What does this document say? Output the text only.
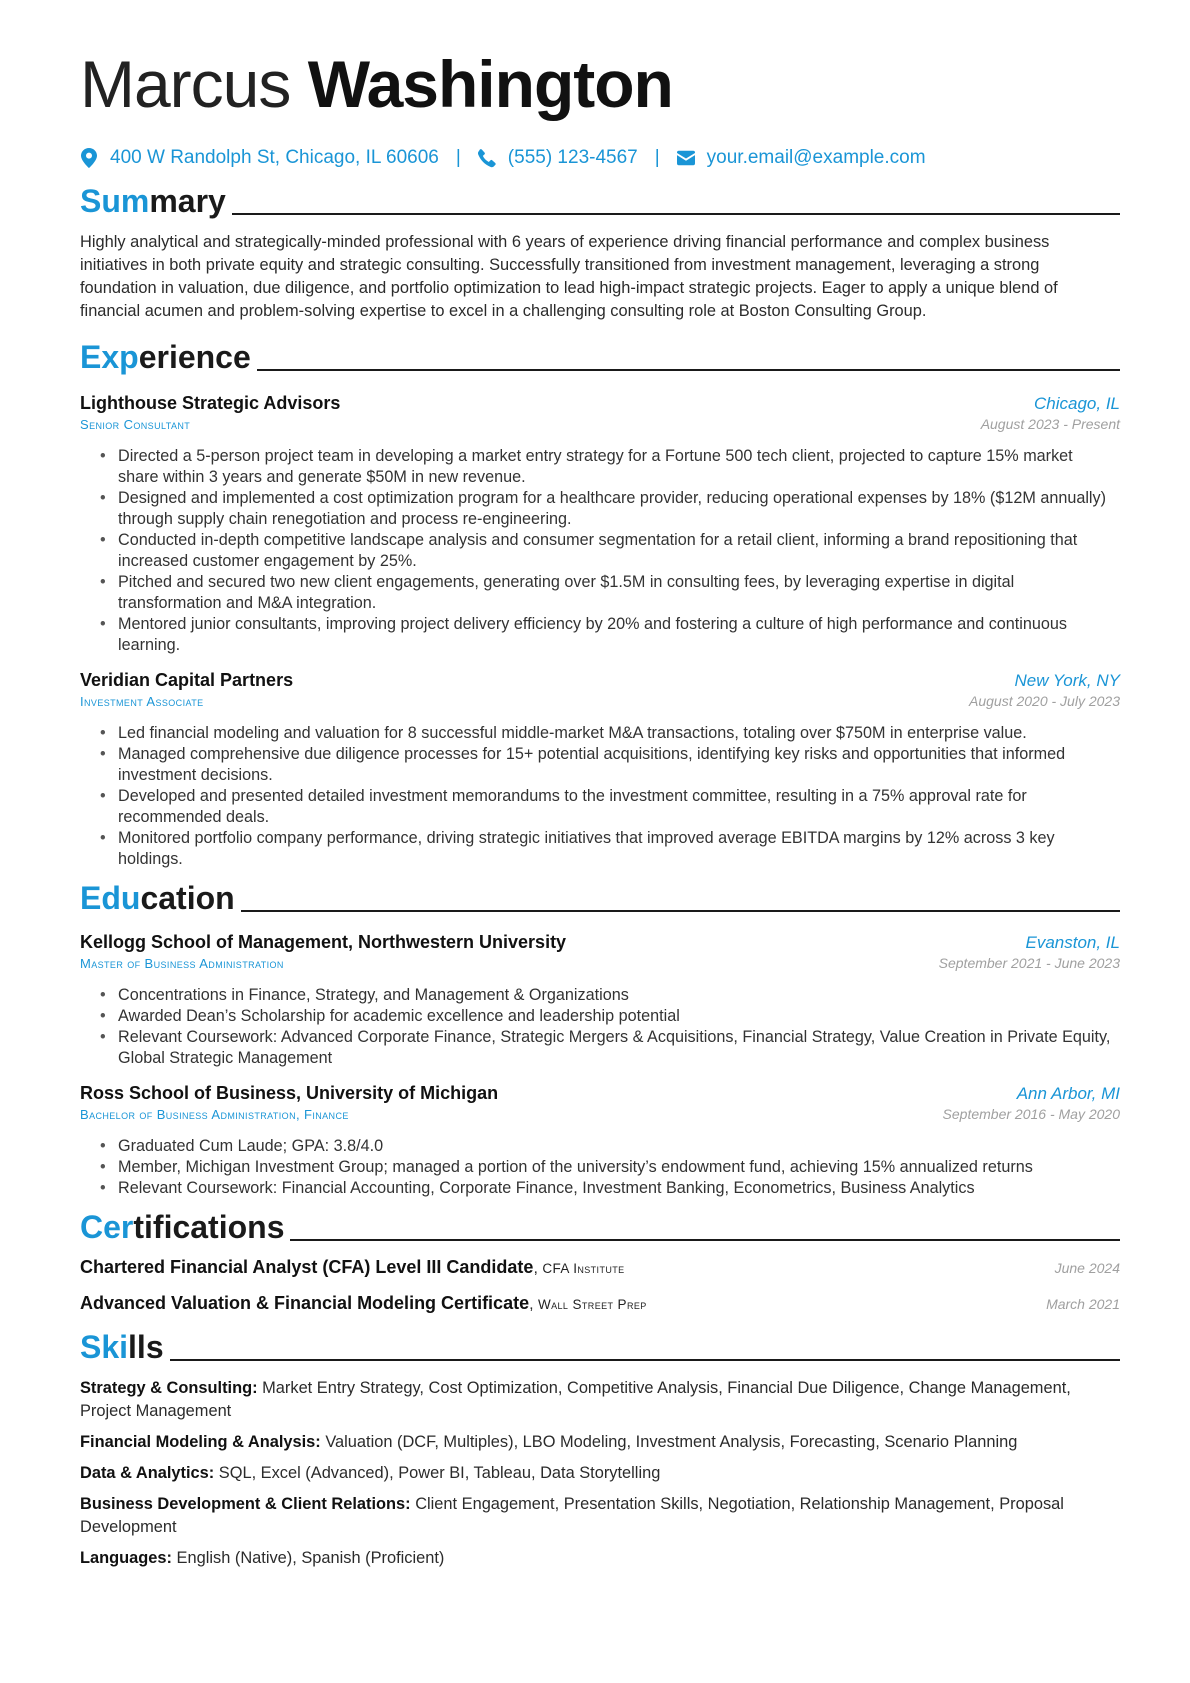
Marcus Washington
400 W Randolph St, Chicago, IL 60606 | (555) 123-4567 | your.email@example.com
Summary
Highly analytical and strategically-minded professional with 6 years of experience driving financial performance and complex business initiatives in both private equity and strategic consulting. Successfully transitioned from investment management, leveraging a strong foundation in valuation, due diligence, and portfolio optimization to lead high-impact strategic projects. Eager to apply a unique blend of financial acumen and problem-solving expertise to excel in a challenging consulting role at Boston Consulting Group.
Experience
Lighthouse Strategic Advisors	Chicago, IL
Senior Consultant	August 2023 - Present
• Directed a 5-person project team in developing a market entry strategy for a Fortune 500 tech client, projected to capture 15% market share within 3 years and generate $50M in new revenue.
• Designed and implemented a cost optimization program for a healthcare provider, reducing operational expenses by 18% ($12M annually) through supply chain renegotiation and process re-engineering.
• Conducted in-depth competitive landscape analysis and consumer segmentation for a retail client, informing a brand repositioning that increased customer engagement by 25%.
• Pitched and secured two new client engagements, generating over $1.5M in consulting fees, by leveraging expertise in digital transformation and M&A integration.
• Mentored junior consultants, improving project delivery efficiency by 20% and fostering a culture of high performance and continuous learning.
Veridian Capital Partners	New York, NY
Investment Associate	August 2020 - July 2023
• Led financial modeling and valuation for 8 successful middle-market M&A transactions, totaling over $750M in enterprise value.
• Managed comprehensive due diligence processes for 15+ potential acquisitions, identifying key risks and opportunities that informed investment decisions.
• Developed and presented detailed investment memorandums to the investment committee, resulting in a 75% approval rate for recommended deals.
• Monitored portfolio company performance, driving strategic initiatives that improved average EBITDA margins by 12% across 3 key holdings.
Education
Kellogg School of Management, Northwestern University	Evanston, IL
Master of Business Administration	September 2021 - June 2023
• Concentrations in Finance, Strategy, and Management & Organizations
• Awarded Dean’s Scholarship for academic excellence and leadership potential
• Relevant Coursework: Advanced Corporate Finance, Strategic Mergers & Acquisitions, Financial Strategy, Value Creation in Private Equity, Global Strategic Management
Ross School of Business, University of Michigan	Ann Arbor, MI
Bachelor of Business Administration, Finance	September 2016 - May 2020
• Graduated Cum Laude; GPA: 3.8/4.0
• Member, Michigan Investment Group; managed a portion of the university’s endowment fund, achieving 15% annualized returns
• Relevant Coursework: Financial Accounting, Corporate Finance, Investment Banking, Econometrics, Business Analytics
Certifications
Chartered Financial Analyst (CFA) Level III Candidate, CFA Institute	June 2024
Advanced Valuation & Financial Modeling Certificate, Wall Street Prep	March 2021
Skills
Strategy & Consulting: Market Entry Strategy, Cost Optimization, Competitive Analysis, Financial Due Diligence, Change Management, Project Management
Financial Modeling & Analysis: Valuation (DCF, Multiples), LBO Modeling, Investment Analysis, Forecasting, Scenario Planning
Data & Analytics: SQL, Excel (Advanced), Power BI, Tableau, Data Storytelling
Business Development & Client Relations: Client Engagement, Presentation Skills, Negotiation, Relationship Management, Proposal Development
Languages: English (Native), Spanish (Proficient)
